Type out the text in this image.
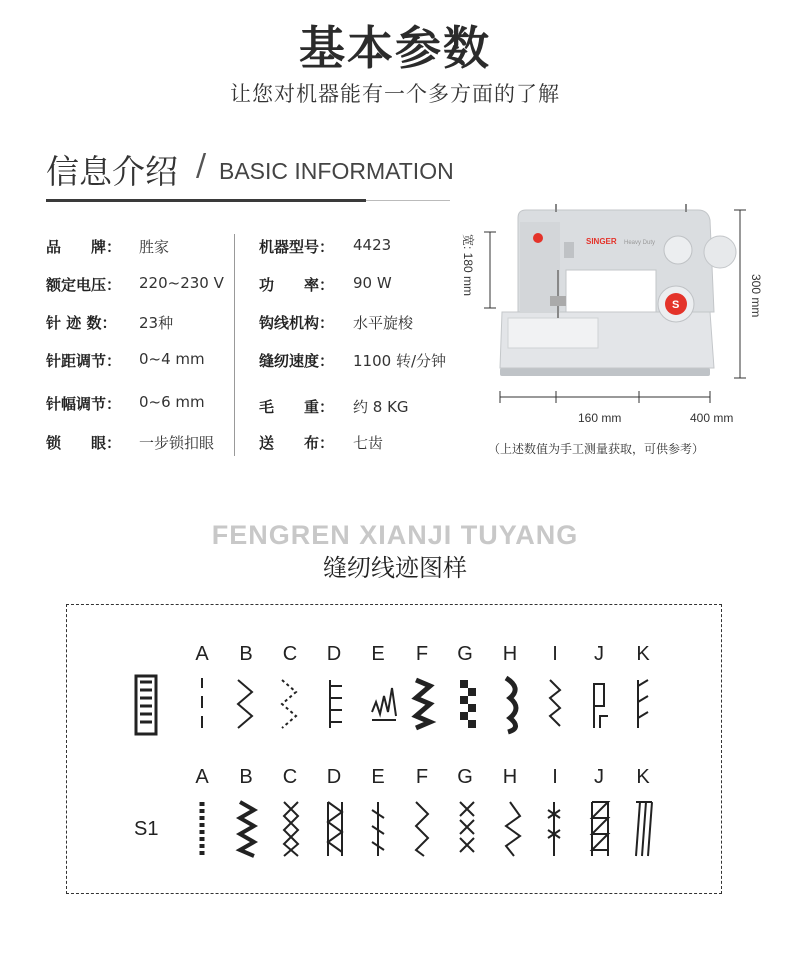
基本参数
让您对机器能有一个多方面的了解
信息介绍 / BASIC INFORMATION
品　　牌： 胜家
额定电压： 220~230 V
针 迹 数： 23种
针距调节： 0~4 mm
针幅调节： 0~6 mm
锁　　眼： 一步锁扣眼
机器型号： 4423
功　　率： 90 W
钩线机构： 水平旋梭
缝纫速度： 1100 转/分钟
毛　　重： 约 8 KG
送　　布： 七齿
宽: 180 mm	300 mm
160 mm	400 mm
SINGER Heavy Duty
S
（上述数值为手工测量获取，可供参考）
FENGREN XIANJI TUYANG
缝纫线迹图样
A	B	C	D	E	F	G	H	I	J	K
A	B	C	D	E	F	G	H	I	J	K
S1
